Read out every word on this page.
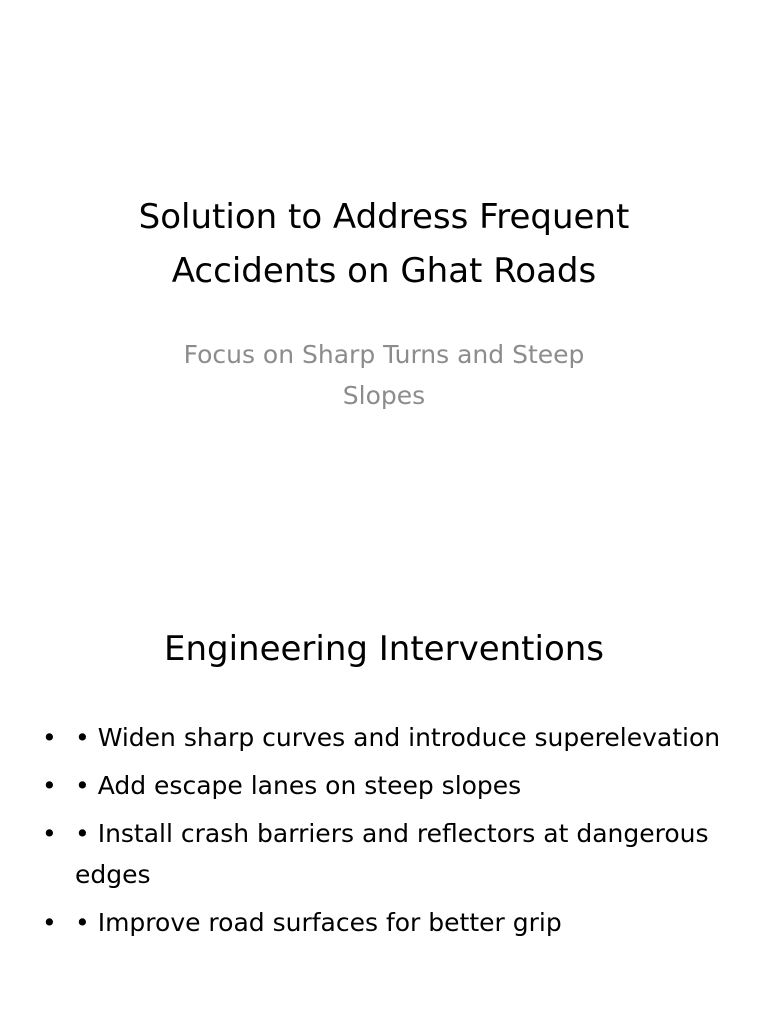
Solution to Address Frequent
Accidents on Ghat Roads

Focus on Sharp Turns and Steep
Slopes

Engineering Interventions
• • Widen sharp curves and introduce superelevation
• • Add escape lanes on steep slopes
• • Install crash barriers and reflectors at dangerous edges
• • Improve road surfaces for better grip
